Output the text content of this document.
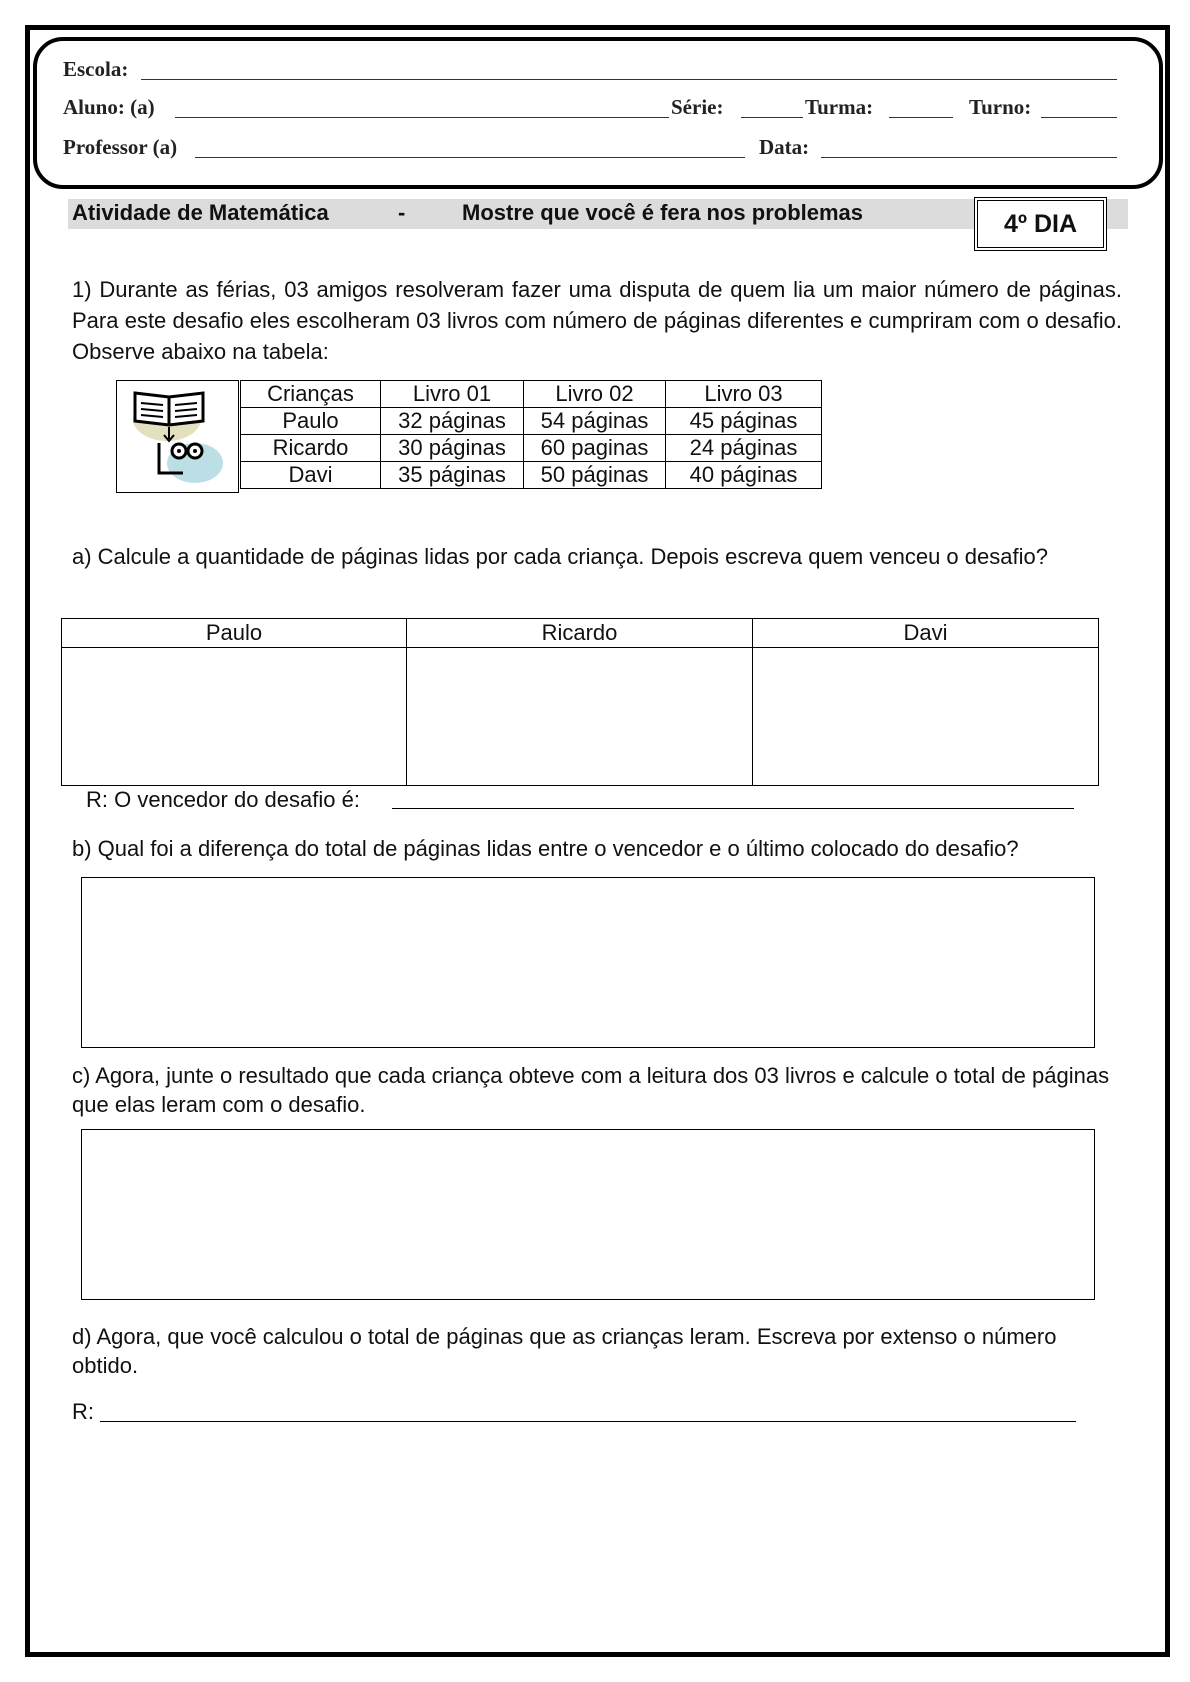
Escola:
Aluno: (a)	Série:	Turma:	Turno:
Professor (a)	Data:
Atividade de Matemática	-	Mostre que você é fera nos problemas	4º DIA
1) Durante as férias, 03 amigos resolveram fazer uma disputa de quem lia um maior número de páginas. Para este desafio eles escolheram 03 livros com número de páginas diferentes e cumpriram com o desafio. Observe abaixo na tabela:
Crianças	Livro 01	Livro 02	Livro 03
Paulo	32 páginas	54 páginas	45 páginas
Ricardo	30 páginas	60 paginas	24 páginas
Davi	35 páginas	50 páginas	40 páginas
a) Calcule a quantidade de páginas lidas por cada criança. Depois escreva quem venceu o desafio?
Paulo	Ricardo	Davi

R: O vencedor do desafio é:
b) Qual foi a diferença do total de páginas lidas entre o vencedor e o último colocado do desafio?
c) Agora, junte o resultado que cada criança obteve com a leitura dos 03 livros e calcule o total de páginas que elas leram com o desafio.
d) Agora, que você calculou o total de páginas que as crianças leram. Escreva por extenso o número obtido.
R:
